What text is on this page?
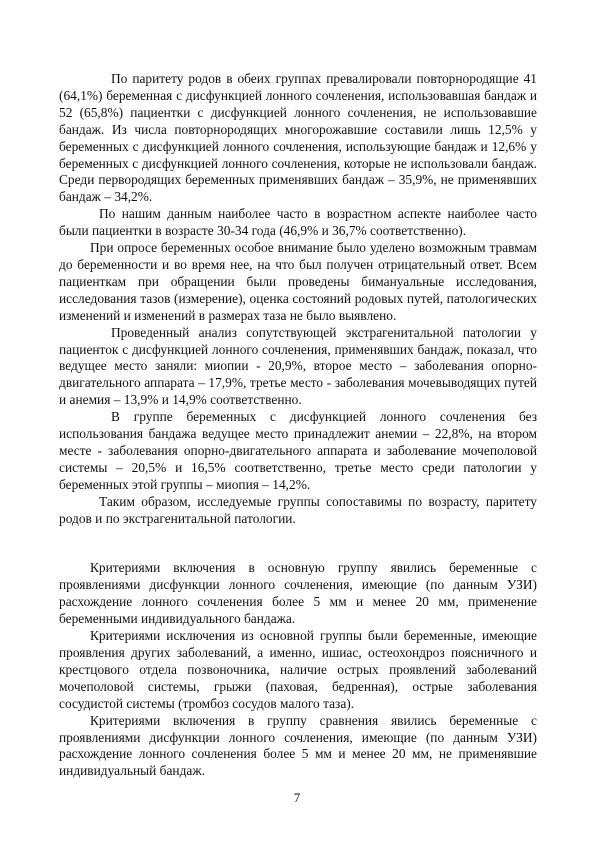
По паритету родов в обеих группах превалировали повторнородящие 41 (64,1%) беременная с дисфункцией лонного сочленения, использовавшая бандаж и 52 (65,8%) пациентки с дисфункцией лонного сочленения, не использовавшие бандаж. Из числа повторнородящих многорожавшие составили лишь 12,5% у беременных с дисфункцией лонного сочленения, использующие бандаж и 12,6% у беременных с дисфункцией лонного сочленения, которые не использовали бандаж. Среди первородящих беременных применявших бандаж – 35,9%, не применявших бандаж – 34,2%.

По нашим данным наиболее часто в возрастном аспекте наиболее часто были пациентки в возрасте 30-34 года (46,9% и 36,7% соответственно).

При опросе беременных особое внимание было уделено возможным травмам до беременности и во время нее, на что был получен отрицательный ответ. Всем пациенткам при обращении были проведены бимануальные исследования, исследования тазов (измерение), оценка состояний родовых путей, патологических изменений и изменений в размерах таза не было выявлено.

Проведенный анализ сопутствующей экстрагенитальной патологии у пациенток с дисфункцией лонного сочленения, применявших бандаж, показал, что ведущее место заняли: миопии - 20,9%, второе место – заболевания опорно-двигательного аппарата – 17,9%, третье место - заболевания мочевыводящих путей и анемия – 13,9% и 14,9% соответственно.

В группе беременных с дисфункцией лонного сочленения без использования бандажа ведущее место принадлежит анемии – 22,8%, на втором месте - заболевания опорно-двигательного аппарата и заболевание мочеполовой системы – 20,5% и 16,5% соответственно, третье место среди патологии у беременных этой группы – миопия – 14,2%.

Таким образом, исследуемые группы сопоставимы по возрасту, паритету родов и по экстрагенитальной патологии.

Критериями включения в основную группу явились беременные с проявлениями дисфункции лонного сочленения, имеющие (по данным УЗИ) расхождение лонного сочленения более 5 мм и менее 20 мм, применение беременными индивидуального бандажа.

Критериями исключения из основной группы были беременные, имеющие проявления других заболеваний, а именно, ишиас, остеохондроз поясничного и крестцового отдела позвоночника, наличие острых проявлений заболеваний мочеполовой системы, грыжи (паховая, бедренная), острые заболевания сосудистой системы (тромбоз сосудов малого таза).

Критериями включения в группу сравнения явились беременные с проявлениями дисфункции лонного сочленения, имеющие (по данным УЗИ) расхождение лонного сочленения более 5 мм и менее 20 мм, не применявшие индивидуальный бандаж.

7
